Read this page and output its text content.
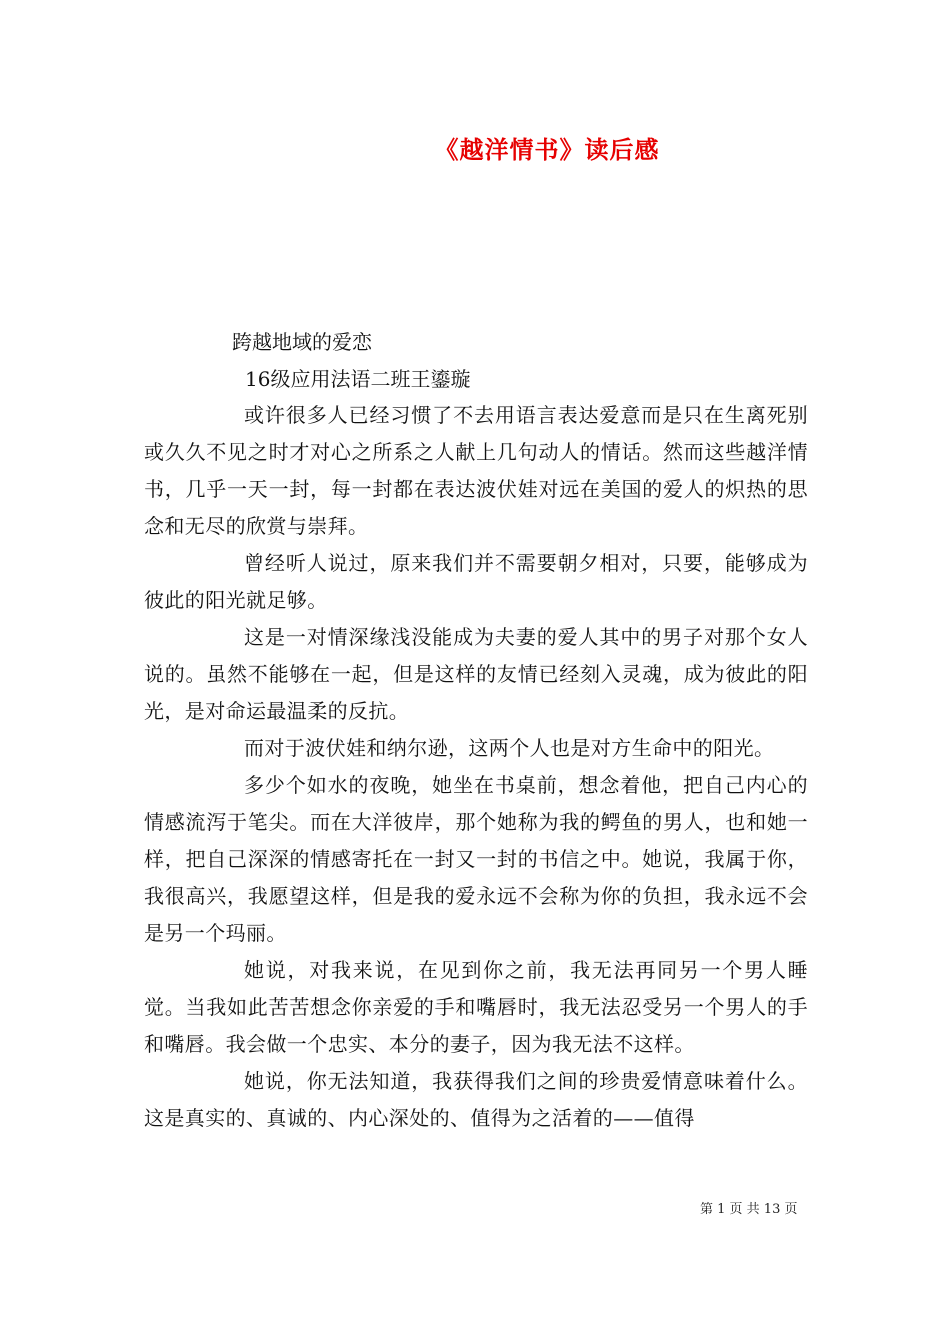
《越洋情书》读后感
跨越地域的爱恋
16级应用法语二班王鎏璇

或许很多人已经习惯了不去用语言表达爱意而是只在生离死别或久久不见之时才对心之所系之人献上几句动人的情话。然而这些越洋情书，几乎一天一封，每一封都在表达波伏娃对远在美国的爱人的炽热的思念和无尽的欣赏与崇拜。

曾经听人说过，原来我们并不需要朝夕相对，只要，能够成为彼此的阳光就足够。

这是一对情深缘浅没能成为夫妻的爱人其中的男子对那个女人说的。虽然不能够在一起，但是这样的友情已经刻入灵魂，成为彼此的阳光，是对命运最温柔的反抗。

而对于波伏娃和纳尔逊，这两个人也是对方生命中的阳光。

多少个如水的夜晚，她坐在书桌前，想念着他，把自己内心的情感流泻于笔尖。而在大洋彼岸，那个她称为我的鳄鱼的男人，也和她一样，把自己深深的情感寄托在一封又一封的书信之中。她说，我属于你，我很高兴，我愿望这样，但是我的爱永远不会称为你的负担，我永远不会是另一个玛丽。

她说，对我来说，在见到你之前，我无法再同另一个男人睡觉。当我如此苦苦想念你亲爱的手和嘴唇时，我无法忍受另一个男人的手和嘴唇。我会做一个忠实、本分的妻子，因为我无法不这样。

她说，你无法知道，我获得我们之间的珍贵爱情意味着什么。这是真实的、真诚的、内心深处的、值得为之活着的——值得

第 1 页 共 13 页
